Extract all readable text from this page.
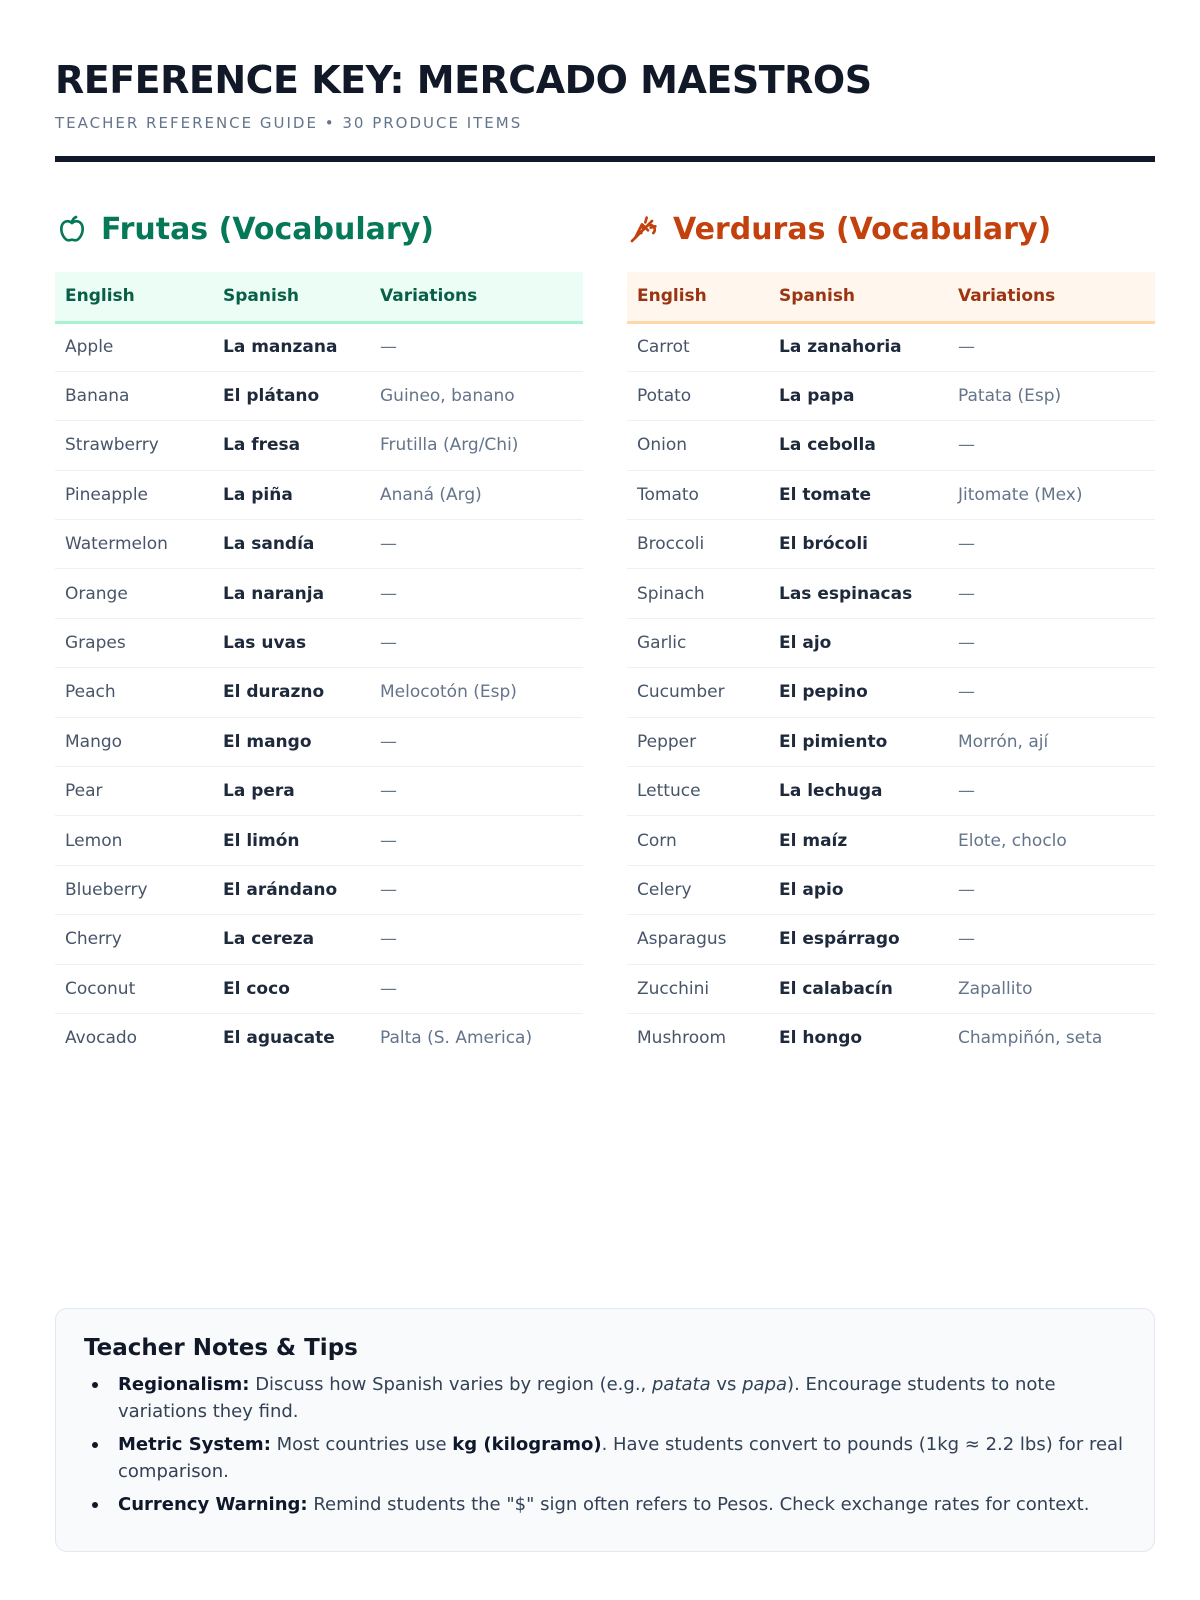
REFERENCE KEY: MERCADO MAESTROS
TEACHER REFERENCE GUIDE • 30 PRODUCE ITEMS
Frutas (Vocabulary)
English	Spanish	Variations
Apple	La manzana	—
Banana	El plátano	Guineo, banano
Strawberry	La fresa	Frutilla (Arg/Chi)
Pineapple	La piña	Ananá (Arg)
Watermelon	La sandía	—
Orange	La naranja	—
Grapes	Las uvas	—
Peach	El durazno	Melocotón (Esp)
Mango	El mango	—
Pear	La pera	—
Lemon	El limón	—
Blueberry	El arándano	—
Cherry	La cereza	—
Coconut	El coco	—
Avocado	El aguacate	Palta (S. America)
Verduras (Vocabulary)
English	Spanish	Variations
Carrot	La zanahoria	—
Potato	La papa	Patata (Esp)
Onion	La cebolla	—
Tomato	El tomate	Jitomate (Mex)
Broccoli	El brócoli	—
Spinach	Las espinacas	—
Garlic	El ajo	—
Cucumber	El pepino	—
Pepper	El pimiento	Morrón, ají
Lettuce	La lechuga	—
Corn	El maíz	Elote, choclo
Celery	El apio	—
Asparagus	El espárrago	—
Zucchini	El calabacín	Zapallito
Mushroom	El hongo	Champiñón, seta
Teacher Notes & Tips
Regionalism: Discuss how Spanish varies by region (e.g., patata vs papa). Encourage students to note variations they find.
Metric System: Most countries use kg (kilogramo). Have students convert to pounds (1kg ≈ 2.2 lbs) for real comparison.
Currency Warning: Remind students the "$" sign often refers to Pesos. Check exchange rates for context.
